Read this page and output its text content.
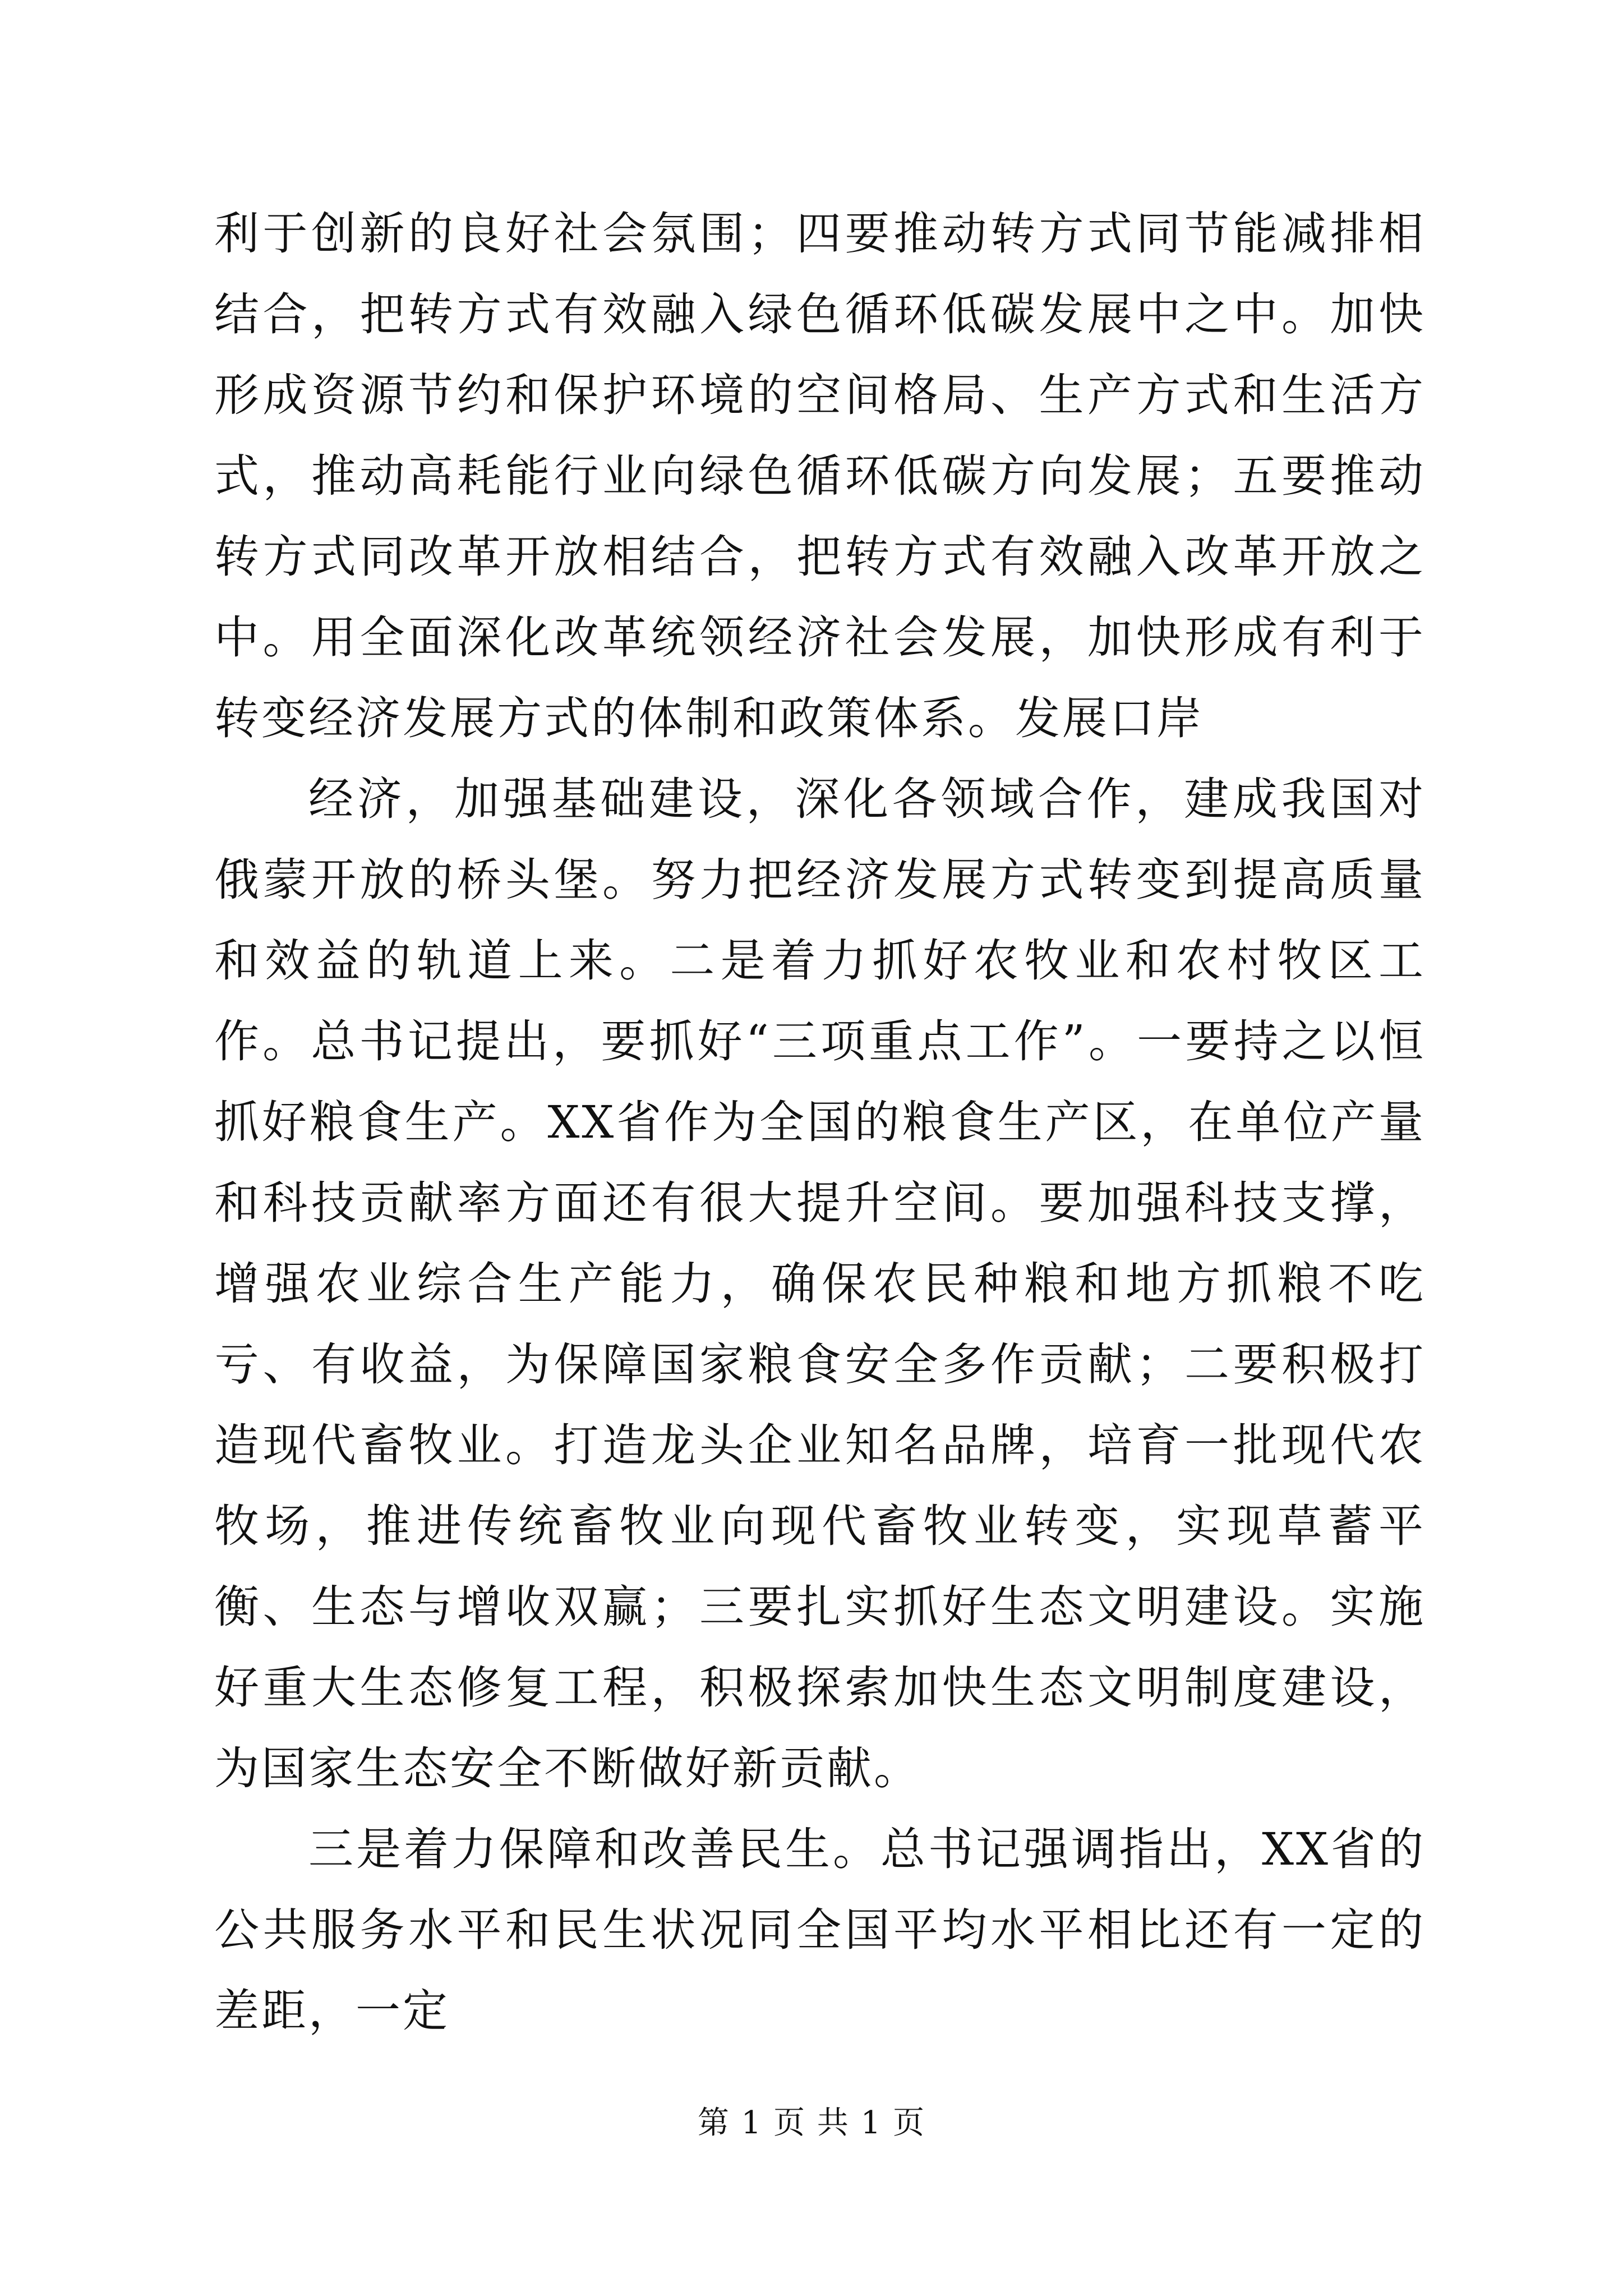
利于创新的良好社会氛围；四要推动转方式同节能减排相结合，把转方式有效融入绿色循环低碳发展中之中。加快形成资源节约和保护环境的空间格局、生产方式和生活方式，推动高耗能行业向绿色循环低碳方向发展；五要推动转方式同改革开放相结合，把转方式有效融入改革开放之中。用全面深化改革统领经济社会发展，加快形成有利于转变经济发展方式的体制和政策体系。发展口岸

经济，加强基础建设，深化各领域合作，建成我国对俄蒙开放的桥头堡。努力把经济发展方式转变到提高质量和效益的轨道上来。二是着力抓好农牧业和农村牧区工作。总书记提出，要抓好“三项重点工作”。一要持之以恒抓好粮食生产。XX省作为全国的粮食生产区，在单位产量和科技贡献率方面还有很大提升空间。要加强科技支撑，增强农业综合生产能力，确保农民种粮和地方抓粮不吃亏、有收益，为保障国家粮食安全多作贡献；二要积极打造现代畜牧业。打造龙头企业知名品牌，培育一批现代农牧场，推进传统畜牧业向现代畜牧业转变，实现草蓄平衡、生态与增收双赢；三要扎实抓好生态文明建设。实施好重大生态修复工程，积极探索加快生态文明制度建设，为国家生态安全不断做好新贡献。

三是着力保障和改善民生。总书记强调指出，XX省的公共服务水平和民生状况同全国平均水平相比还有一定的差距，一定

第 1 页 共 1 页
